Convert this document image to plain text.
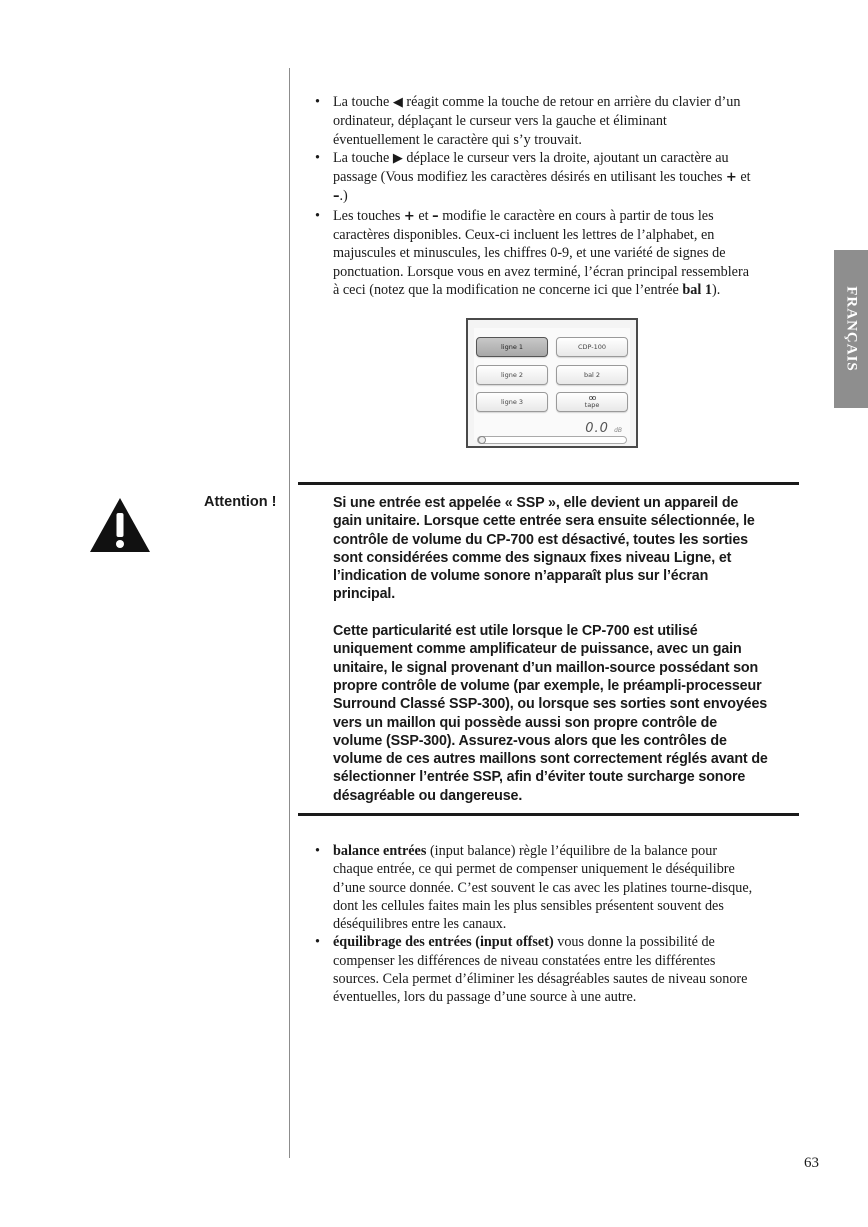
FRANÇAIS
• La touche ◀ réagit comme la touche de retour en arrière du clavier d’un ordinateur, déplaçant le curseur vers la gauche et éliminant éventuellement le caractère qui s’y trouvait.
• La touche ▶ déplace le curseur vers la droite, ajoutant un caractère au passage (Vous modifiez les caractères désirés en utilisant les touches + et –.)
• Les touches + et – modifie le caractère en cours à partir de tous les caractères disponibles. Ceux-ci incluent les lettres de l’alphabet, en majuscules et minuscules, les chiffres 0-9, et une variété de signes de ponctuation. Lorsque vous en avez terminé, l’écran principal ressemblera à ceci (notez que la modification ne concerne ici que l’entrée bal 1).
ligne 1	CDP-100
ligne 2	bal 2
ligne 3	oo
tape
0.0 dB
Attention !	Si une entrée est appelée « SSP », elle devient un appareil de gain unitaire. Lorsque cette entrée sera ensuite sélectionnée, le contrôle de volume du CP-700 est désactivé, toutes les sorties sont considérées comme des signaux fixes niveau Ligne, et l’indication de volume sonore n’apparaît plus sur l’écran principal.

Cette particularité est utile lorsque le CP-700 est utilisé uniquement comme amplificateur de puissance, avec un gain unitaire, le signal provenant d’un maillon-source possédant son propre contrôle de volume (par exemple, le préampli-processeur Surround Classé SSP-300), ou lorsque ses sorties sont envoyées vers un maillon qui possède aussi son propre contrôle de volume (SSP-300). Assurez-vous alors que les contrôles de volume de ces autres maillons sont correctement réglés avant de sélectionner l’entrée SSP, afin d’éviter toute surcharge sonore désagréable ou dangereuse.

• balance entrées (input balance) règle l’équilibre de la balance pour chaque entrée, ce qui permet de compenser uniquement le déséquilibre d’une source donnée. C’est souvent le cas avec les platines tourne-disque, dont les cellules faites main les plus sensibles présentent souvent des déséquilibres entre les canaux.
• équilibrage des entrées (input offset) vous donne la possibilité de compenser les différences de niveau constatées entre les différentes sources. Cela permet d’éliminer les désagréables sautes de niveau sonore éventuelles, lors du passage d’une source à une autre.
63
